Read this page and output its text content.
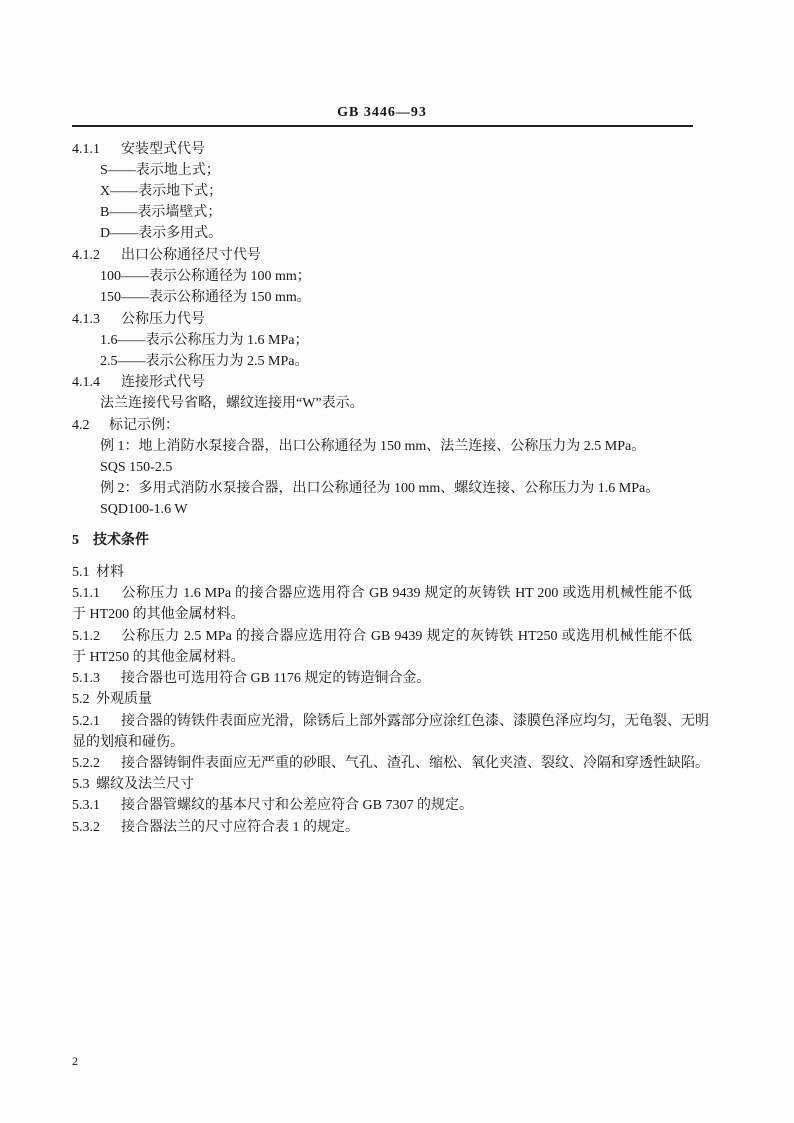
GB 3446—93
4.1.1 安装型式代号
S——表示地上式；
X——表示地下式；
B——表示墙壁式；
D——表示多用式。
4.1.2 出口公称通径尺寸代号
100——表示公称通径为 100 mm；
150——表示公称通径为 150 mm。
4.1.3 公称压力代号
1.6——表示公称压力为 1.6 MPa；
2.5——表示公称压力为 2.5 MPa。
4.1.4 连接形式代号
法兰连接代号省略，螺纹连接用“W”表示。
4.2 标记示例：
例 1：地上消防水泵接合器，出口公称通径为 150 mm、法兰连接、公称压力为 2.5 MPa。
SQS 150-2.5
例 2：多用式消防水泵接合器，出口公称通径为 100 mm、螺纹连接、公称压力为 1.6 MPa。
SQD100-1.6 W
5 技术条件
5.1 材料
5.1.1 公称压力 1.6 MPa 的接合器应选用符合 GB 9439 规定的灰铸铁 HT 200 或选用机械性能不低
于 HT200 的其他金属材料。
5.1.2 公称压力 2.5 MPa 的接合器应选用符合 GB 9439 规定的灰铸铁 HT250 或选用机械性能不低
于 HT250 的其他金属材料。
5.1.3 接合器也可选用符合 GB 1176 规定的铸造铜合金。
5.2 外观质量
5.2.1 接合器的铸铁件表面应光滑，除锈后上部外露部分应涂红色漆、漆膜色泽应均匀，无龟裂、无明
显的划痕和碰伤。
5.2.2 接合器铸铜件表面应无严重的砂眼、气孔、渣孔、缩松、氧化夹渣、裂纹、冷隔和穿透性缺陷。
5.3 螺纹及法兰尺寸
5.3.1 接合器管螺纹的基本尺寸和公差应符合 GB 7307 的规定。
5.3.2 接合器法兰的尺寸应符合表 1 的规定。
2
